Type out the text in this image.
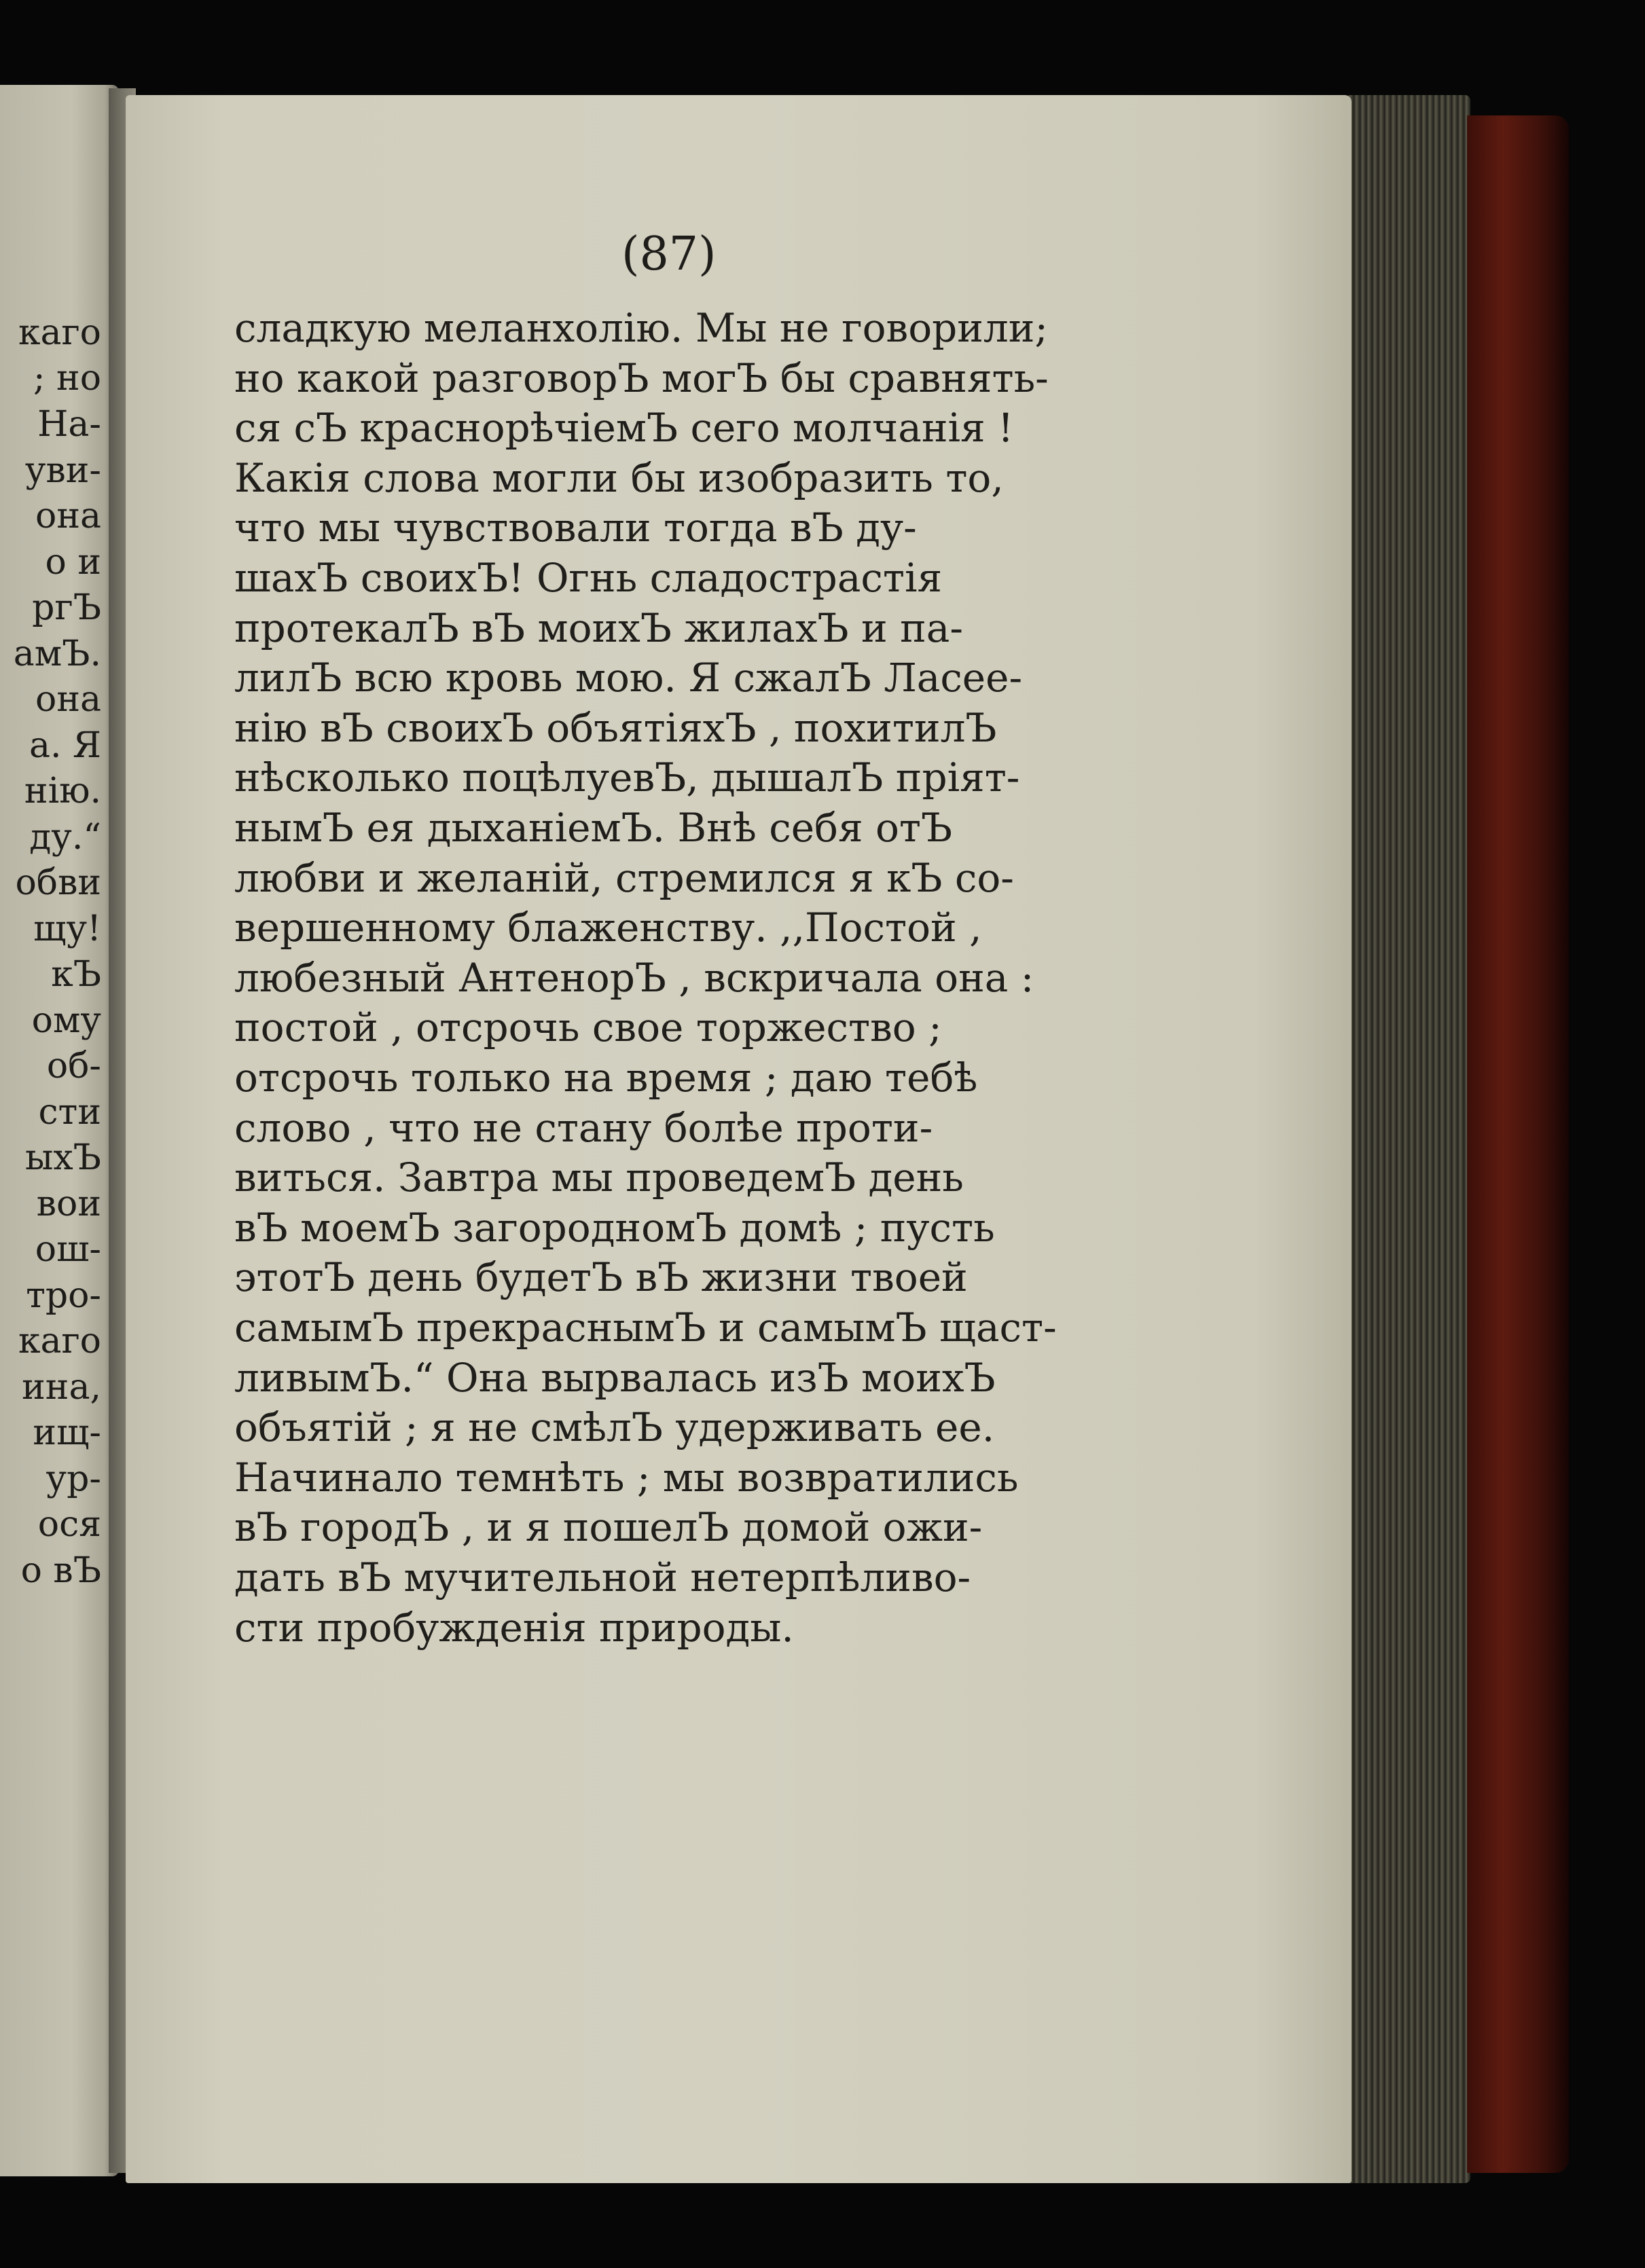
каго

; но

На-

уви-

она

о и

ргЪ

амЪ.

она

а. Я

нію.

ду.“

обви

щу!

кЪ

ому

об-

сти

ыхЪ

вои

ош-

тро-

каго

ина,

ищ-

ур-

ося

о вЪ

(87)

сладкую меланхолію. Мы не говорили;

но какой разговорЪ могЪ бы сравнять-

ся сЪ краснорѣчіемЪ сего молчанія !

Какія слова могли бы изобразить то,

что мы чувствовали тогда вЪ ду-

шахЪ своихЪ! Огнь сладострастія

протекалЪ вЪ моихЪ жилахЪ и па-

лилЪ всю кровь мою. Я сжалЪ Ласее-

нію вЪ своихЪ объятіяхЪ , похитилЪ

нѣсколько поцѣлуевЪ, дышалЪ пріят-

нымЪ ея дыханіемЪ. Внѣ себя отЪ

любви и желаній, стремился я кЪ со-

вершенному блаженству. ,,Постой ,

любезный АнтенорЪ , вскричала она :

постой , отсрочь свое торжество ;

отсрочь только на время ; даю тебѣ

слово , что не стану болѣе проти-

виться. Завтра мы проведемЪ день

вЪ моемЪ загородномЪ домѣ ; пусть

этотЪ день будетЪ вЪ жизни твоей

самымЪ прекраснымЪ и самымЪ щаст-

ливымЪ.“ Она вырвалась изЪ моихЪ

объятій ; я не смѣлЪ удерживать ее.

Начинало темнѣть ; мы возвратились

вЪ городЪ , и я пошелЪ домой ожи-

дать вЪ мучительной нетерпѣливо-

сти пробужденія природы.
